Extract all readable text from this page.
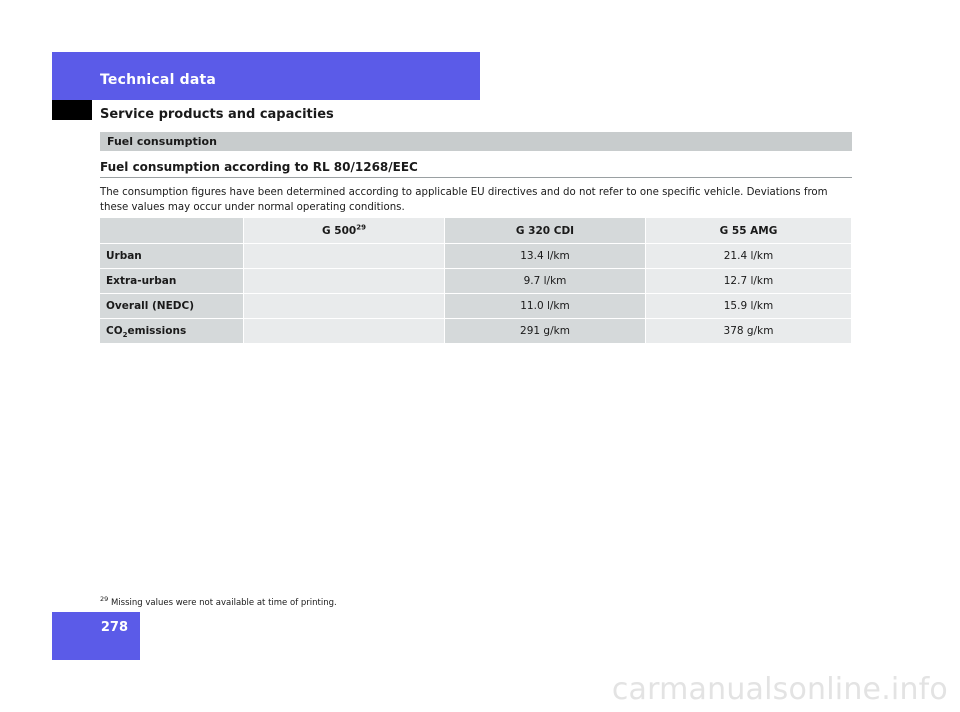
Technical data
Service products and capacities
Fuel consumption
Fuel consumption according to RL 80/1268/EEC
The consumption figures have been determined according to applicable EU directives and do not refer to one specific vehicle. Deviations from these values may occur under normal operating conditions.
	G 500$^{29}$	G 320 CDI	G 55 AMG
Urban		13.4 l/km	21.4 l/km
Extra-urban		9.7 l/km	12.7 l/km
Overall (NEDC)		11.0 l/km	15.9 l/km
$CO_2emissions$		291 g/km	378 g/km
$^{29}$ Missing values were not available at time of printing.
278
carmanualsonline.info
